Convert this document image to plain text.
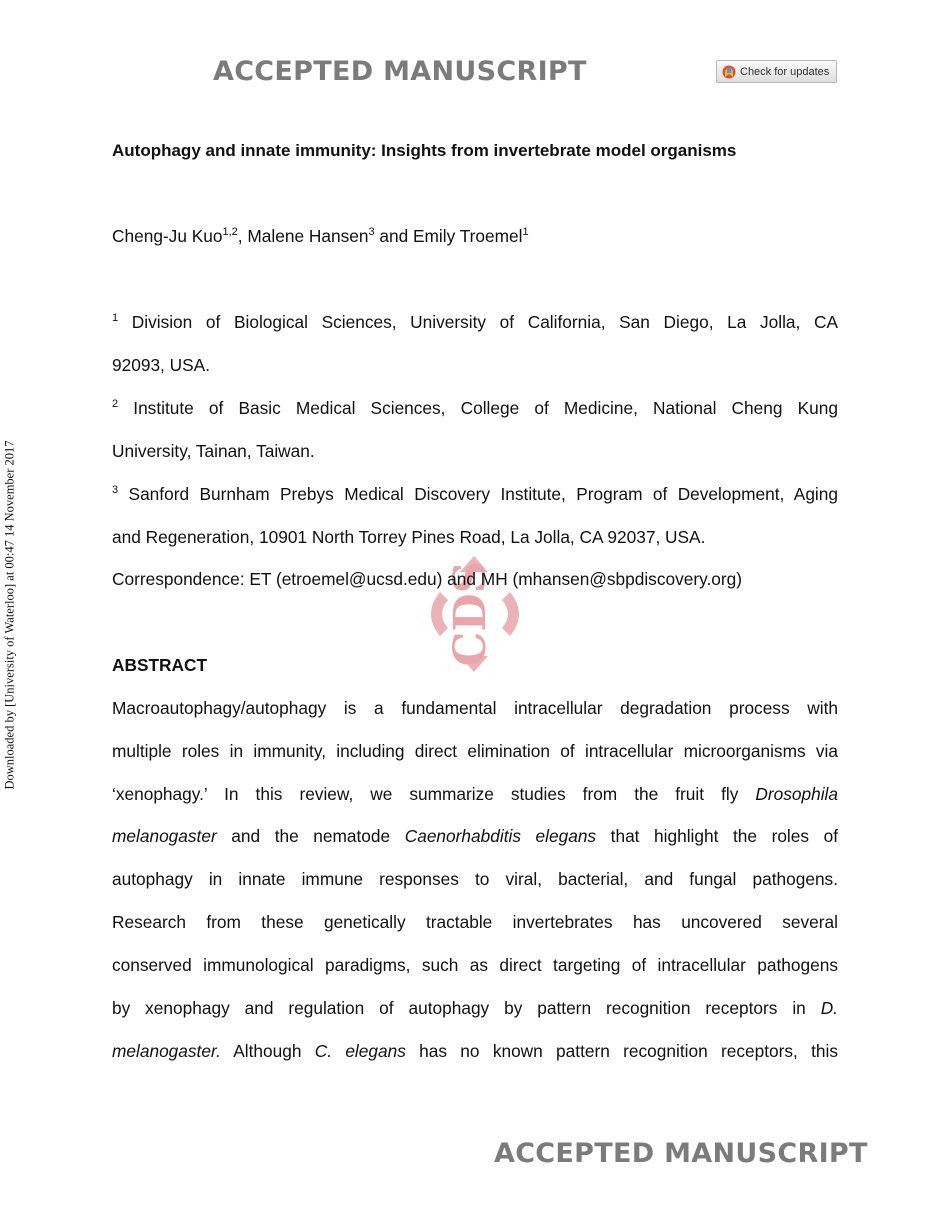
ACCEPTED MANUSCRIPT	Check for updates
Downloaded by [University of Waterloo] at 00:47 14 November 2017	CDS
Autophagy and innate immunity: Insights from invertebrate model organisms
Cheng-Ju Kuo$^{1,2}$, Malene Hansen$^3$ and Emily Troemel$^1$
$^1$ Division of Biological Sciences, University of California, San Diego, La Jolla, CA
92093, USA.
$^2$ Institute of Basic Medical Sciences, College of Medicine, National Cheng Kung
University, Tainan, Taiwan.
$^3$ Sanford Burnham Prebys Medical Discovery Institute, Program of Development, Aging
and Regeneration, 10901 North Torrey Pines Road, La Jolla, CA 92037, USA.
Correspondence: ET (etroemel@ucsd.edu) and MH (mhansen@sbpdiscovery.org)
ABSTRACT
Macroautophagy/autophagy is a fundamental intracellular degradation process with
multiple roles in immunity, including direct elimination of intracellular microorganisms via
‘xenophagy.’ In this review, we summarize studies from the fruit fly Drosophila
melanogaster and the nematode Caenorhabditis elegans that highlight the roles of
autophagy in innate immune responses to viral, bacterial, and fungal pathogens.
Research from these genetically tractable invertebrates has uncovered several
conserved immunological paradigms, such as direct targeting of intracellular pathogens
by xenophagy and regulation of autophagy by pattern recognition receptors in D.
melanogaster. Although C. elegans has no known pattern recognition receptors, this
ACCEPTED MANUSCRIPT
